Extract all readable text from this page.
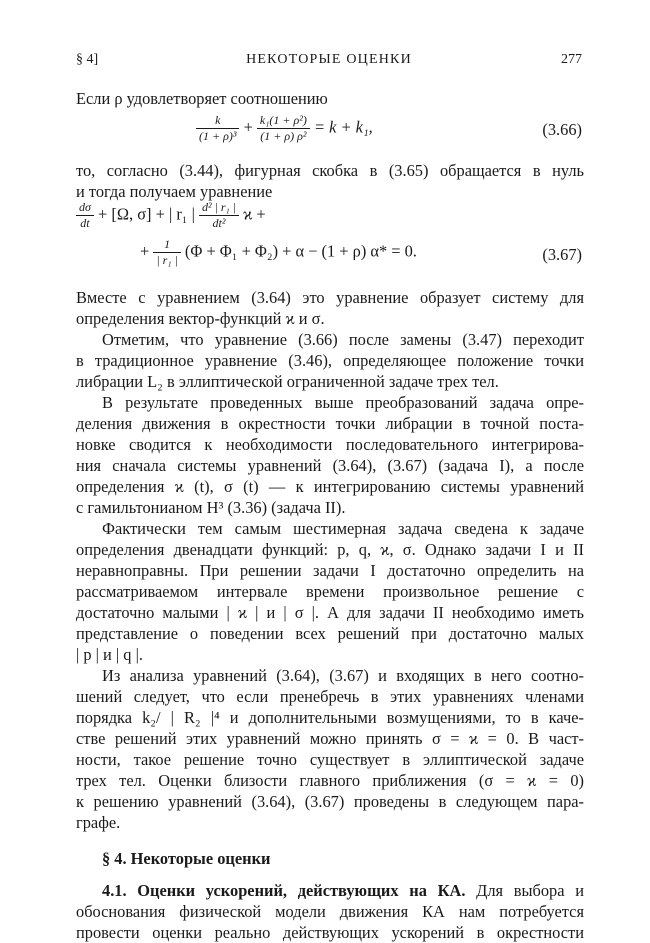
§ 4]	НЕКОТОРЫЕ ОЦЕНКИ	277
Если ρ удовлетворяет соотношению
$\frac{k}{\text{(1 + ρ)³}} + \frac{\text{k₁(1 + ρ²)}}{\text{(1 + ρ) ρ²}} = k + k_1$,	(3.66)
то, согласно (3.44), фигурная скобка в (3.65) обращается в нуль
и тогда получаем уравнение
$\frac{d\sigma}{dt} + [\Omega$, σ] + | r₁ | $\frac{\text{d² | r₁ |}}{\text{dt²}}$ ϰ +
+ $\frac{1}{\text{| r₁ |}} (\Phi + \Phi_1 + \Phi_2) + \alpha - (1 + \rho) \alpha* = 0$.	(3.67)
Вместе с уравнением (3.64) это уравнение образует систему для
определения вектор-функций ϰ и σ.
Отметим, что уравнение (3.66) после замены (3.47) переходит
в традиционное уравнение (3.46), определяющее положение точки
либрации L₂ в эллиптической ограниченной задаче трех тел.
В результате проведенных выше преобразований задача опре-
деления движения в окрестности точки либрации в точной поста-
новке сводится к необходимости последовательного интегрирова-
ния сначала системы уравнений (3.64), (3.67) (задача I), а после
определения ϰ (t), σ (t) — к интегрированию системы уравнений
с гамильтонианом H³ (3.36) (задача II).
Фактически тем самым шестимерная задача сведена к задаче
определения двенадцати функций: p, q, ϰ, σ. Однако задачи I и II
неравноправны. При решении задачи I достаточно определить на
рассматриваемом интервале времени произвольное решение с
достаточно малыми | ϰ | и | σ |. А для задачи II необходимо иметь
представление о поведении всех решений при достаточно малых
| p | и | q |.
Из анализа уравнений (3.64), (3.67) и входящих в него соотно-
шений следует, что если пренебречь в этих уравнениях членами
порядка k₂/ | R₂ |⁴ и дополнительными возмущениями, то в каче-
стве решений этих уравнений можно принять σ = ϰ = 0. В част-
ности, такое решение точно существует в эллиптической задаче
трех тел. Оценки близости главного приближения (σ = ϰ = 0)
к решению уравнений (3.64), (3.67) проведены в следующем пара-
графе.
§ 4. Некоторые оценки
4.1. Оценки ускорений, действующих на КА. Для выбора и
обоснования физической модели движения КА нам потребуется
провести оценки реально действующих ускорений в окрестности
